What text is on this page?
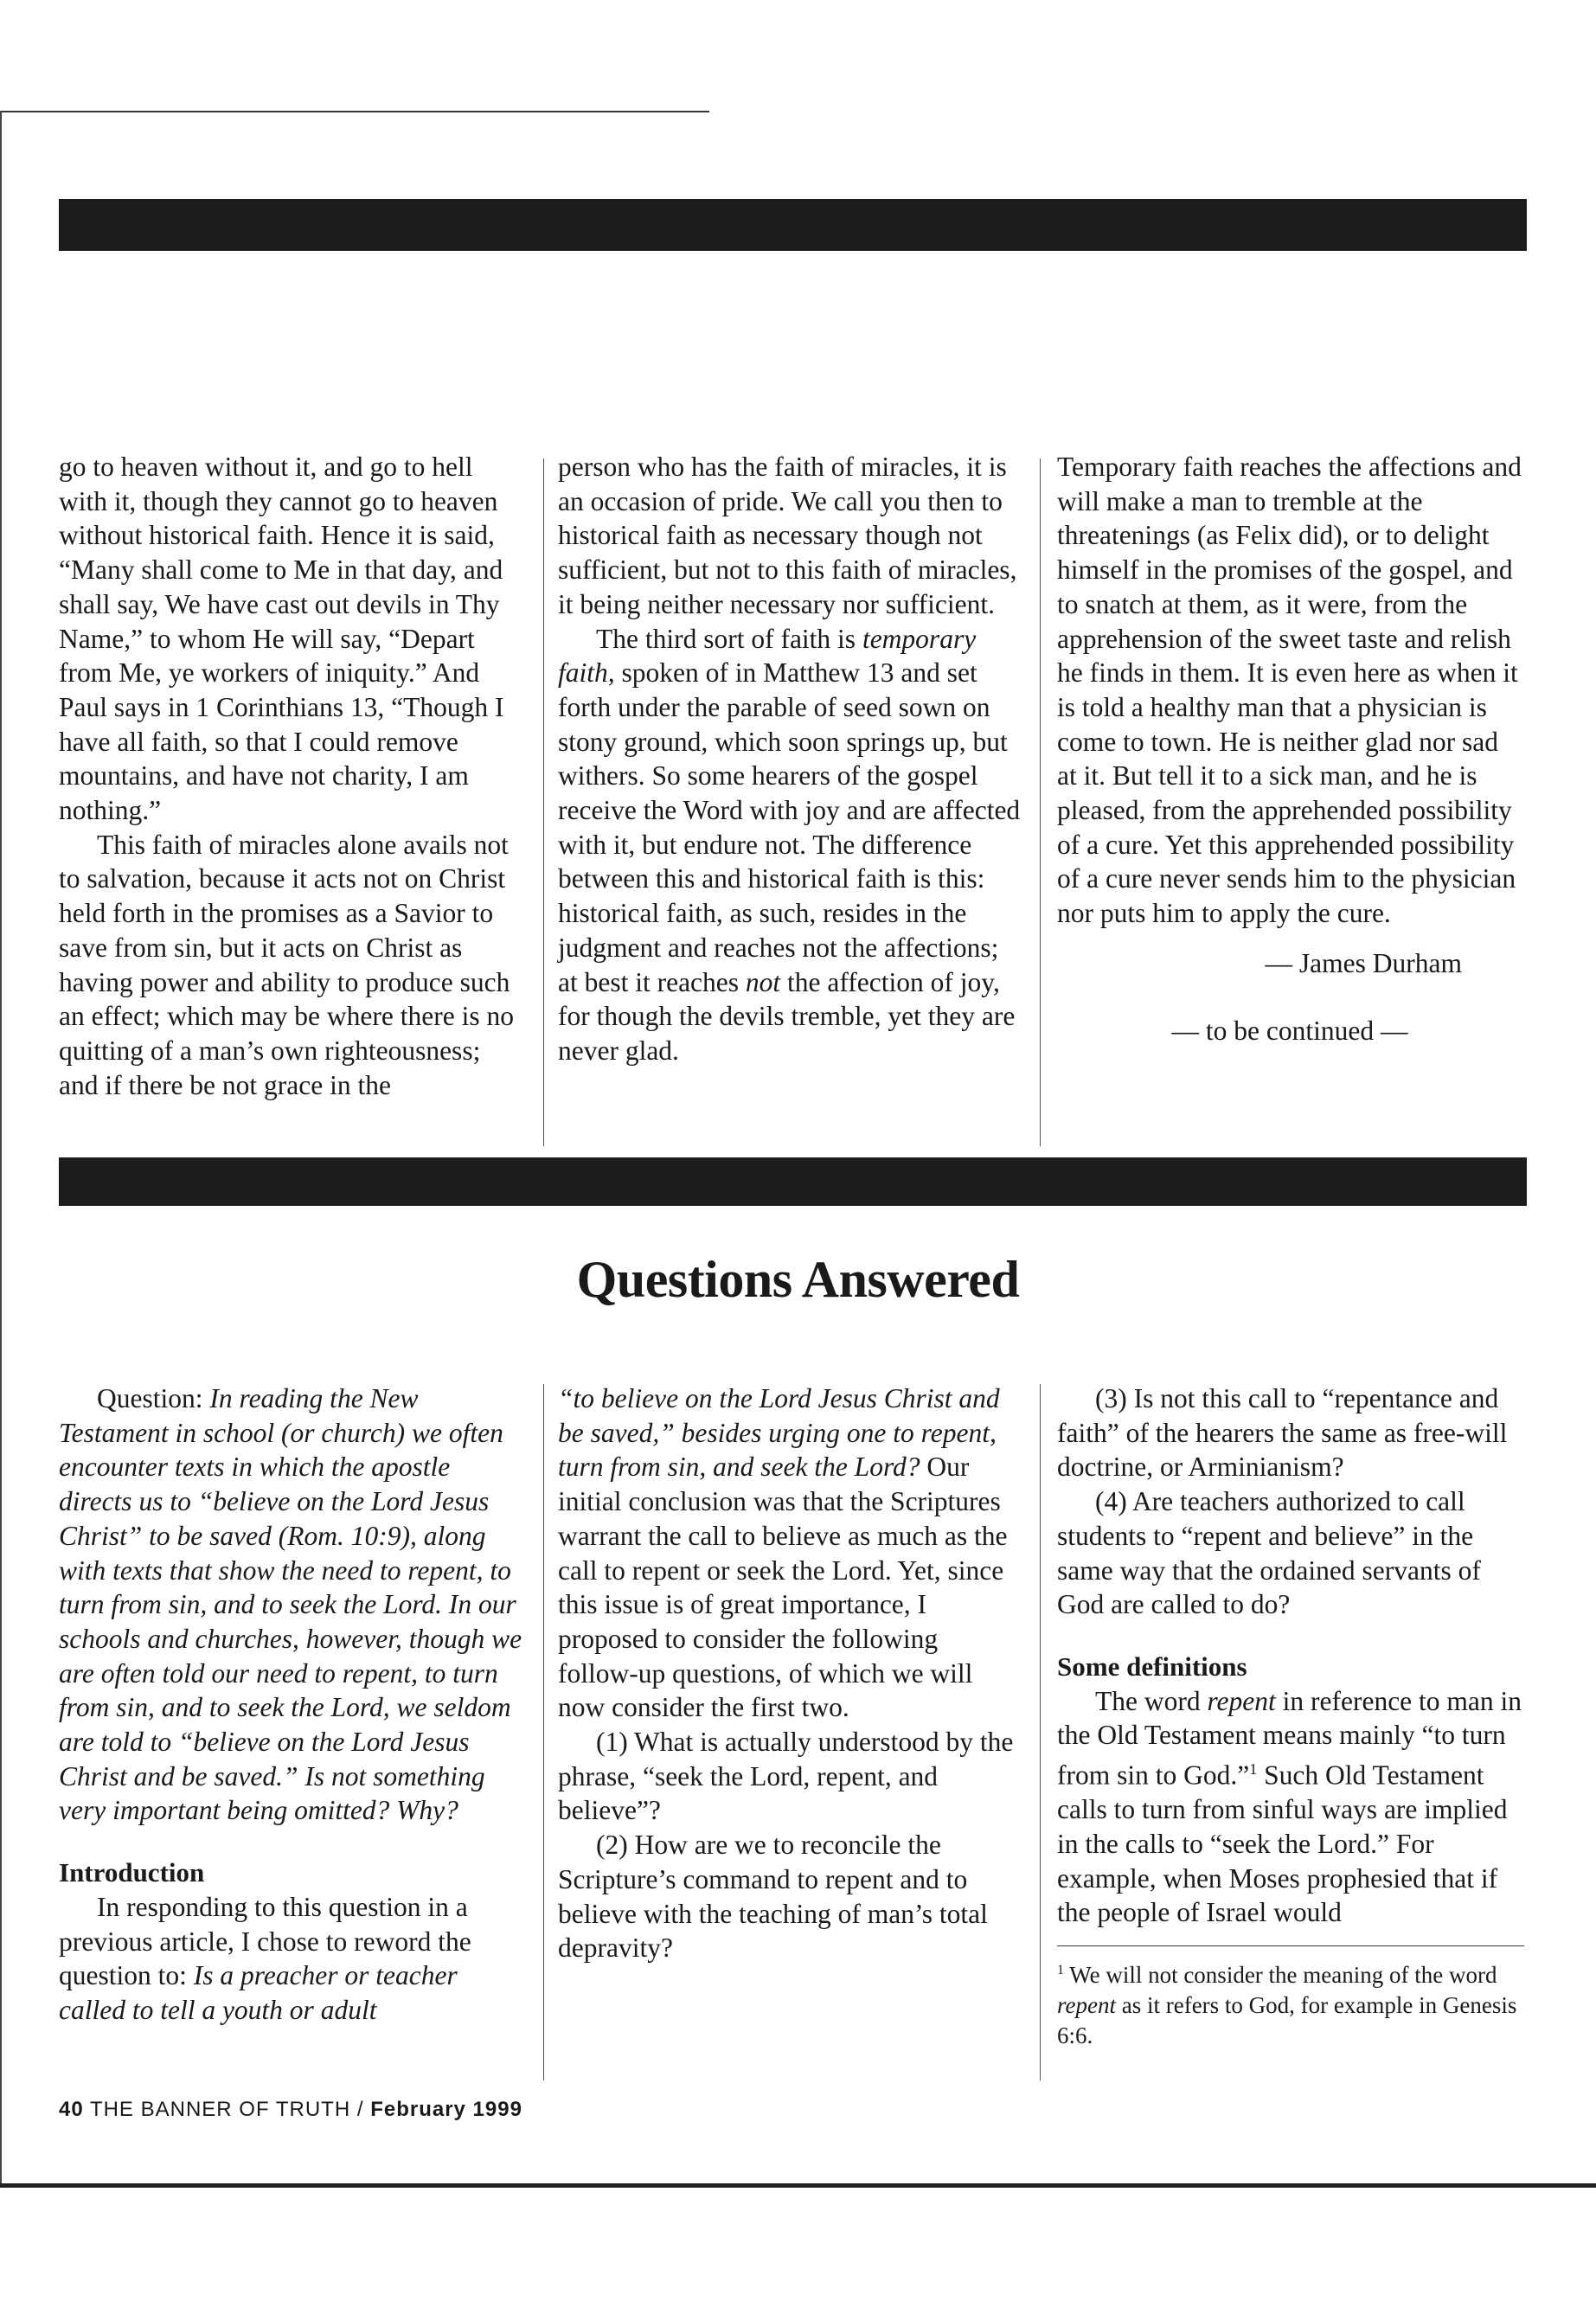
go to heaven without it, and go to hell with it, though they cannot go to heaven without historical faith. Hence it is said, “Many shall come to Me in that day, and shall say, We have cast out devils in Thy Name,” to whom He will say, “Depart from Me, ye workers of iniquity.” And Paul says in 1 Corinthians 13, “Though I have all faith, so that I could remove mountains, and have not charity, I am nothing.”

This faith of miracles alone avails not to salvation, because it acts not on Christ held forth in the promises as a Savior to save from sin, but it acts on Christ as having power and ability to produce such an effect; which may be where there is no quitting of a man’s own righteousness; and if there be not grace in the

person who has the faith of miracles, it is an occasion of pride. We call you then to historical faith as necessary though not sufficient, but not to this faith of miracles, it being neither necessary nor sufficient.

The third sort of faith is temporary faith, spoken of in Matthew 13 and set forth under the parable of seed sown on stony ground, which soon springs up, but withers. So some hearers of the gospel receive the Word with joy and are affected with it, but endure not. The difference between this and historical faith is this: historical faith, as such, resides in the judgment and reaches not the affections; at best it reaches not the affection of joy, for though the devils tremble, yet they are never glad.

Temporary faith reaches the affections and will make a man to tremble at the threatenings (as Felix did), or to delight himself in the promises of the gospel, and to snatch at them, as it were, from the apprehension of the sweet taste and relish he finds in them. It is even here as when it is told a healthy man that a physician is come to town. He is neither glad nor sad at it. But tell it to a sick man, and he is pleased, from the apprehended possibility of a cure. Yet this apprehended possibility of a cure never sends him to the physician nor puts him to apply the cure.

— James Durham

— to be continued —

Questions Answered

Question: In reading the New Testament in school (or church) we often encounter texts in which the apostle directs us to “believe on the Lord Jesus Christ” to be saved (Rom. 10:9), along with texts that show the need to repent, to turn from sin, and to seek the Lord. In our schools and churches, however, though we are often told our need to repent, to turn from sin, and to seek the Lord, we seldom are told to “believe on the Lord Jesus Christ and be saved.” Is not something very important being omitted? Why?

Introduction

In responding to this question in a previous article, I chose to reword the question to: Is a preacher or teacher called to tell a youth or adult

“to believe on the Lord Jesus Christ and be saved,” besides urging one to repent, turn from sin, and seek the Lord? Our initial conclusion was that the Scriptures warrant the call to believe as much as the call to repent or seek the Lord. Yet, since this issue is of great importance, I proposed to consider the following follow-up questions, of which we will now consider the first two.

(1) What is actually understood by the phrase, “seek the Lord, repent, and believe”?

(2) How are we to reconcile the Scripture’s command to repent and to believe with the teaching of man’s total depravity?

(3) Is not this call to “repentance and faith” of the hearers the same as free-will doctrine, or Arminianism?

(4) Are teachers authorized to call students to “repent and believe” in the same way that the ordained servants of God are called to do?

Some definitions

The word repent in reference to man in the Old Testament means mainly “to turn from sin to God.”$^1$ Such Old Testament calls to turn from sinful ways are implied in the calls to “seek the Lord.” For example, when Moses prophesied that if the people of Israel would

$^1$ We will not consider the meaning of the word repent as it refers to God, for example in Genesis 6:6.

40 THE BANNER OF TRUTH / February 1999
